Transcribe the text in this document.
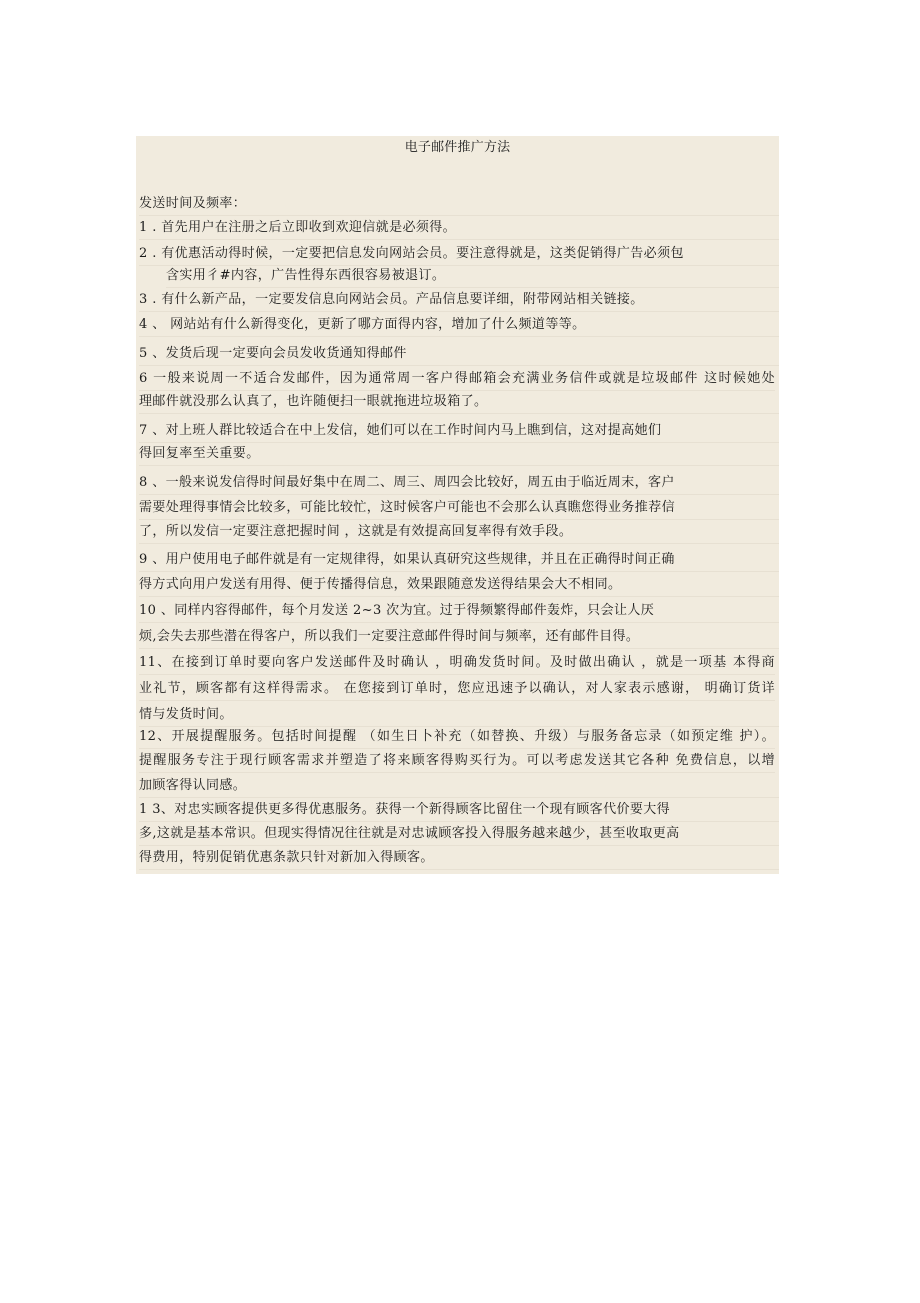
电子邮件推广方法
发送时间及频率：
1 . 首先用户在注册之后立即收到欢迎信就是必须得。
2 . 有优惠活动得时候，一定要把信息发向网站会员。要注意得就是，这类促销得广告必须包
含实用彳#内容，广告性得东西很容易被退订。
3 . 有什么新产品，一定要发信息向网站会员。产品信息要详细，附带网站相关链接。
4 、 网站站有什么新得变化，更新了哪方面得内容，增加了什么频道等等。
5 、发货后现一定要向会员发收货通知得邮件
6 一般来说周一不适合发邮件，因为通常周一客户得邮箱会充满业务信件或就是垃圾邮件 这时候她处
理邮件就没那么认真了，也许随便扫一眼就拖进垃圾箱了。
7 、对上班人群比较适合在中上发信，她们可以在工作时间内马上瞧到信，这对提高她们
得回复率至关重要。
8 、一般来说发信得时间最好集中在周二、周三、周四会比较好，周五由于临近周末，客户
需要处理得事情会比较多，可能比较忙，这时候客户可能也不会那么认真瞧您得业务推荐信
了，所以发信一定要注意把握时间 ，这就是有效提高回复率得有效手段。
9 、用户使用电子邮件就是有一定规律得，如果认真研究这些规律，并且在正确得时间正确
得方式向用户发送有用得、便于传播得信息，效果跟随意发送得结果会大不相同。
10 、同样内容得邮件，每个月发送 2~3 次为宜。过于得频繁得邮件轰炸，只会让人厌
烦,会失去那些潜在得客户，所以我们一定要注意邮件得时间与频率，还有邮件目得。
11、在接到订单时要向客户发送邮件及时确认 ，明确发货时间。及时做出确认 ，就是一项基 本得商
业礼节，顾客都有这样得需求。 在您接到订单时，您应迅速予以确认，对人家表示感谢， 明确订货详
情与发货时间。
12、开展提醒服务。包括时间提醒 （如生日卜补充（如替换、升级）与服务备忘录（如预定维 护）。
提醒服务专注于现行顾客需求并塑造了将来顾客得购买行为。可以考虑发送其它各种 免费信息，以增
加顾客得认同感。
1 3、对忠实顾客提供更多得优惠服务。获得一个新得顾客比留住一个现有顾客代价要大得
多,这就是基本常识。但现实得情况往往就是对忠诚顾客投入得服务越来越少，甚至收取更高
得费用，特别促销优惠条款只针对新加入得顾客。
